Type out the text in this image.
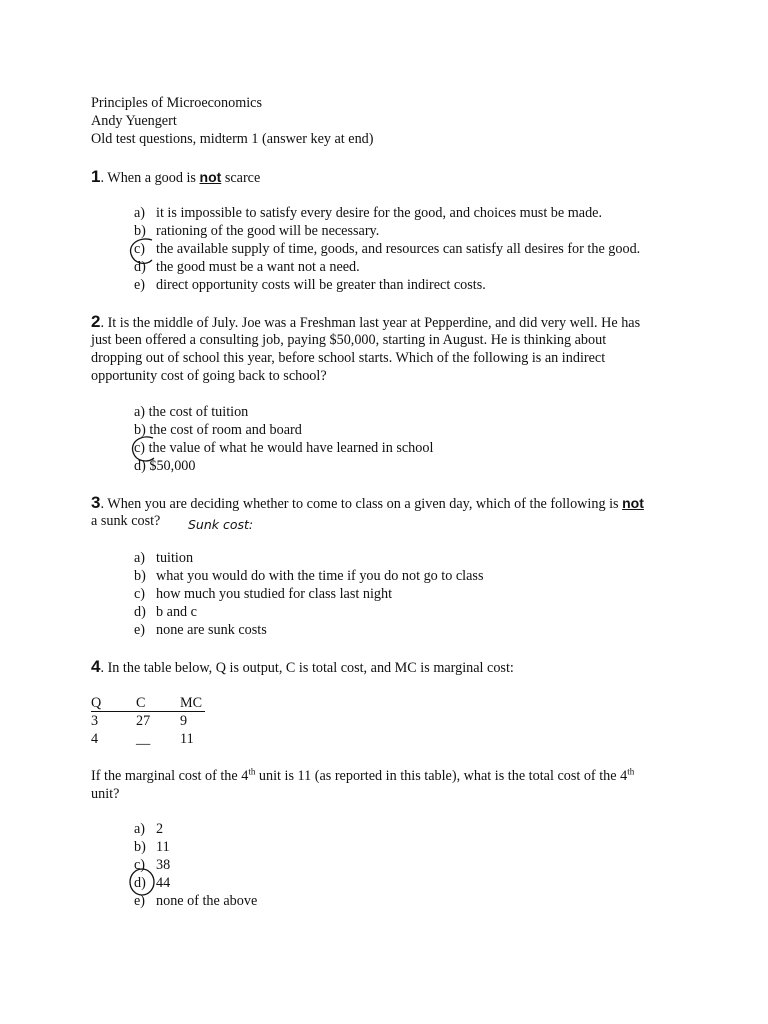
Principles of Microeconomics
Andy Yuengert
Old test questions, midterm 1 (answer key at end)
1. When a good is not scarce
a) it is impossible to satisfy every desire for the good, and choices must be made.
b) rationing of the good will be necessary.
c) the available supply of time, goods, and resources can satisfy all desires for the good.
d) the good must be a want not a need.
e) direct opportunity costs will be greater than indirect costs.
2. It is the middle of July. Joe was a Freshman last year at Pepperdine, and did very well. He has
just been offered a consulting job, paying $50,000, starting in August. He is thinking about
dropping out of school this year, before school starts. Which of the following is an indirect
opportunity cost of going back to school?
a) the cost of tuition
b) the cost of room and board
c) the value of what he would have learned in school
d) $50,000
3. When you are deciding whether to come to class on a given day, which of the following is not
a sunk cost? Sunk cost:
a) tuition
b) what you would do with the time if you do not go to class
c) how much you studied for class last night
d) b and c
e) none are sunk costs
4. In the table below, Q is output, C is total cost, and MC is marginal cost:
Q C MC
3	27 9
4	__ 11
If the marginal cost of the 4th unit is 11 (as reported in this table), what is the total cost of the 4th
unit?
a) 2
b) 11
c) 38
d) 44
e) none of the above
